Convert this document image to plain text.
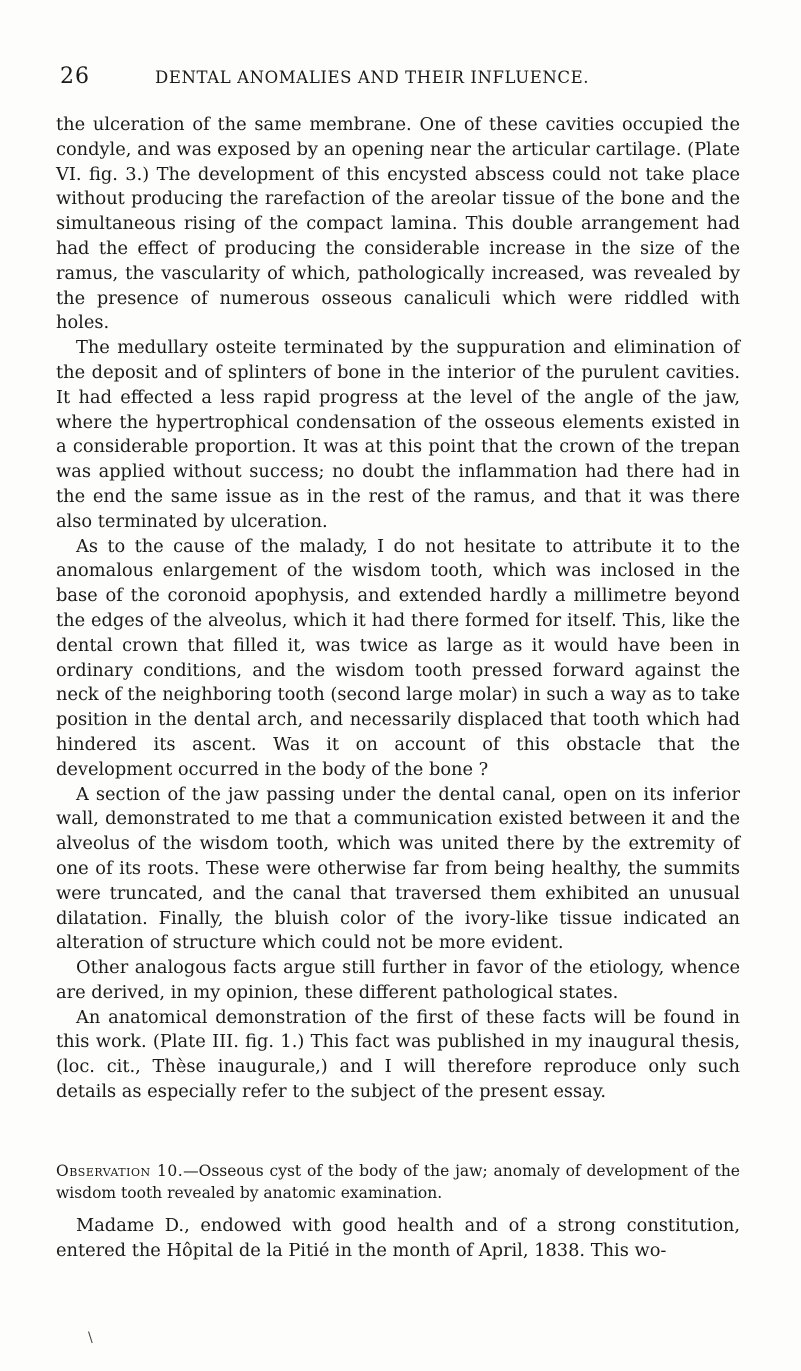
26	DENTAL ANOMALIES AND THEIR INFLUENCE.

the ulceration of the same membrane. One of these cavities occupied the condyle, and was exposed by an opening near the articular cartilage. (Plate VI. fig. 3.) The development of this encysted abscess could not take place without producing the rarefaction of the areolar tissue of the bone and the simultaneous rising of the compact lamina. This double arrangement had had the effect of producing the considerable increase in the size of the ramus, the vascularity of which, pathologically increased, was revealed by the presence of numerous osseous canaliculi which were riddled with holes.

The medullary osteite terminated by the suppuration and elimination of the deposit and of splinters of bone in the interior of the purulent cavities. It had effected a less rapid progress at the level of the angle of the jaw, where the hypertrophical condensation of the osseous elements existed in a considerable proportion. It was at this point that the crown of the trepan was applied without success; no doubt the inflammation had there had in the end the same issue as in the rest of the ramus, and that it was there also terminated by ulceration.

As to the cause of the malady, I do not hesitate to attribute it to the anomalous enlargement of the wisdom tooth, which was inclosed in the base of the coronoid apophysis, and extended hardly a millimetre beyond the edges of the alveolus, which it had there formed for itself. This, like the dental crown that filled it, was twice as large as it would have been in ordinary conditions, and the wisdom tooth pressed forward against the neck of the neighboring tooth (second large molar) in such a way as to take position in the dental arch, and necessarily displaced that tooth which had hindered its ascent. Was it on account of this obstacle that the development occurred in the body of the bone ?

A section of the jaw passing under the dental canal, open on its inferior wall, demonstrated to me that a communication existed between it and the alveolus of the wisdom tooth, which was united there by the extremity of one of its roots. These were otherwise far from being healthy, the summits were truncated, and the canal that traversed them exhibited an unusual dilatation. Finally, the bluish color of the ivory-like tissue indicated an alteration of structure which could not be more evident.

Other analogous facts argue still further in favor of the etiology, whence are derived, in my opinion, these different pathological states.

An anatomical demonstration of the first of these facts will be found in this work. (Plate III. fig. 1.) This fact was published in my inaugural thesis, (loc. cit., Thèse inaugurale,) and I will therefore reproduce only such details as especially refer to the subject of the present essay.

Observation 10.—Osseous cyst of the body of the jaw; anomaly of development of the wisdom tooth revealed by anatomic examination.

Madame D., endowed with good health and of a strong constitution, entered the Hôpital de la Pitié in the month of April, 1838. This wo-

\
